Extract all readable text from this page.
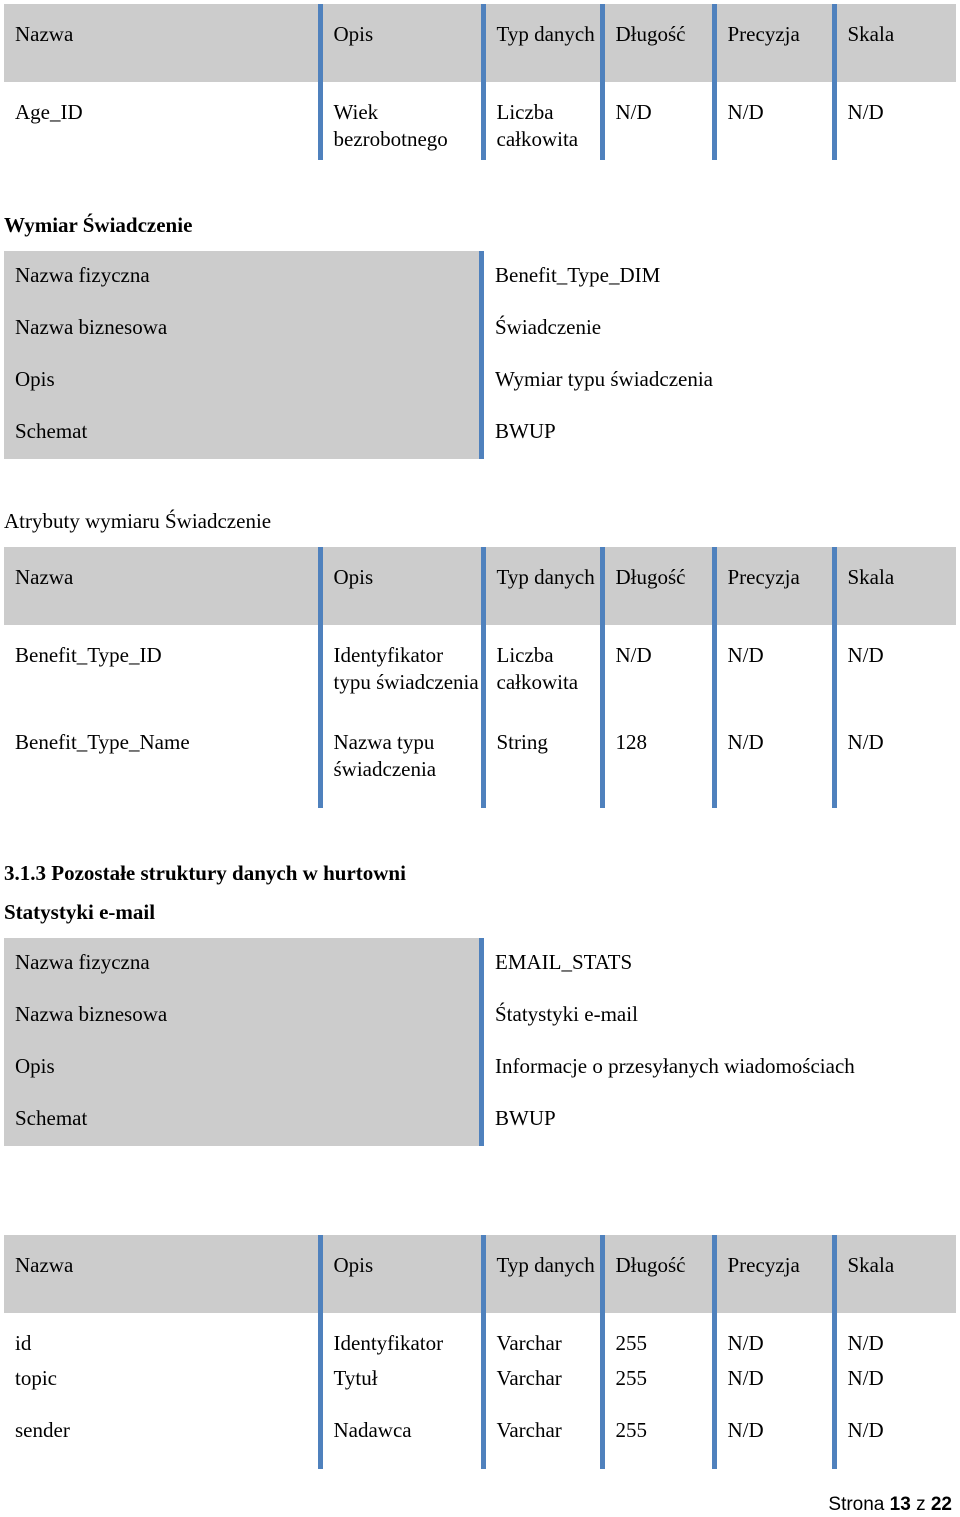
Nazwa	Opis	Typ danych	Długość	Precyzja	Skala
Age_ID	Wiek bezrobotnego	Liczba całkowita	N/D	N/D	N/D
Wymiar Świadczenie
Nazwa fizyczna	Benefit_Type_DIM
Nazwa biznesowa	Świadczenie
Opis	Wymiar typu świadczenia
Schemat	BWUP
Atrybuty wymiaru Świadczenie
Nazwa	Opis	Typ danych	Długość	Precyzja	Skala
Benefit_Type_ID	Identyfikator typu świadczenia	Liczba całkowita	N/D	N/D	N/D
Benefit_Type_Name	Nazwa typu świadczenia	String	128	N/D	N/D
3.1.3 Pozostałe struktury danych w hurtowni
Statystyki e-mail
Nazwa fizyczna	EMAIL_STATS
Nazwa biznesowa	Śtatystyki e-mail
Opis	Informacje o przesyłanych wiadomościach
Schemat	BWUP
Nazwa	Opis	Typ danych	Długość	Precyzja	Skala
id	Identyfikator	Varchar	255	N/D	N/D
topic	Tytuł	Varchar	255	N/D	N/D
sender	Nadawca	Varchar	255	N/D	N/D
Strona 13 z 22
